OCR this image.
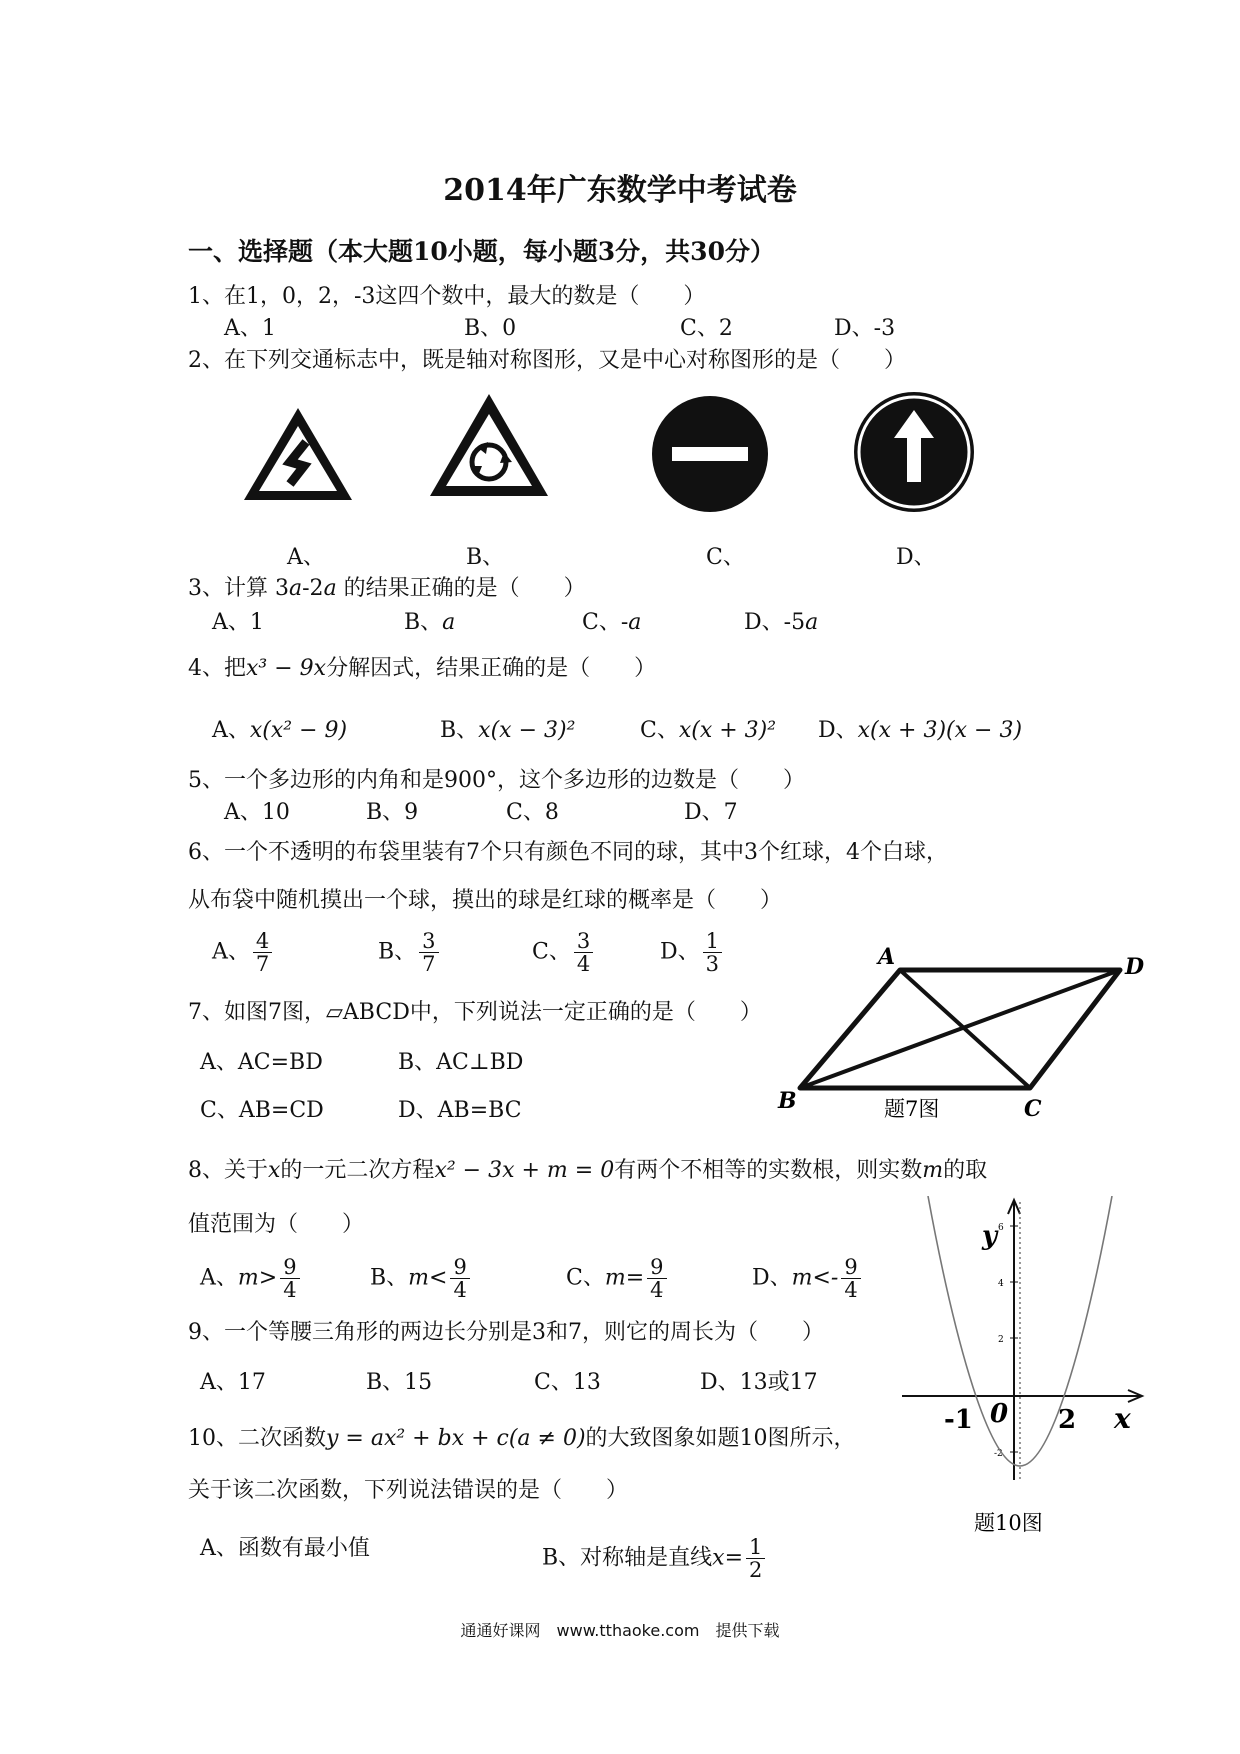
2014年广东数学中考试卷
一、选择题（本大题10小题，每小题3分，共30分）
1、在1，0，2，-3这四个数中，最大的数是（　　）
A、1	B、0	C、2	D、-3
2、在下列交通标志中，既是轴对称图形，又是中心对称图形的是（　　）
A、	B、	C、	D、
3、计算 3a-2a 的结果正确的是（　　）
A、1	B、a	C、-a	D、-5a
4、把x³ − 9x分解因式，结果正确的是（　　）
A、x(x² − 9)	B、x(x − 3)²	C、x(x + 3)² D、x(x + 3)(x − 3)
5、一个多边形的内角和是900°，这个多边形的边数是（　　）
A、10	B、9	C、8	D、7
6、一个不透明的布袋里装有7个只有颜色不同的球，其中3个红球，4个白球，
从布袋中随机摸出一个球，摸出的球是红球的概率是（　　）
A、 $\frac{4}{7}$	B、 $\frac{3}{7}$	C、 $\frac{3}{4}$	D、 $\frac{1}{3}$
7、如图7图，▱ABCD中，下列说法一定正确的是（　　）
A、AC=BD	B、AC⊥BD
C、AB=CD	D、AB=BC
A	D
B	C
题7图
8、关于x的一元二次方程x² − 3x + m = 0有两个不相等的实数根，则实数m的取
值范围为（　　）
A、$m> \frac{9}{4}$	B、$m< \frac{9}{4}$	C、$m= \frac{9}{4}$	D、$m<- \frac{9}{4}$
9、一个等腰三角形的两边长分别是3和7，则它的周长为（　　）
A、17	B、15	C、13	D、13或17
10、二次函数y = ax² + bx + c(a ≠ 0)的大致图象如题10图所示，
关于该二次函数，下列说法错误的是（　　）
A、函数有最小值	B、对称轴是直线$x= \frac{1}{2}$
6
4
2
-2
y
x
0
-1	2
题10图
通通好课网　www.tthaoke.com　提供下载
